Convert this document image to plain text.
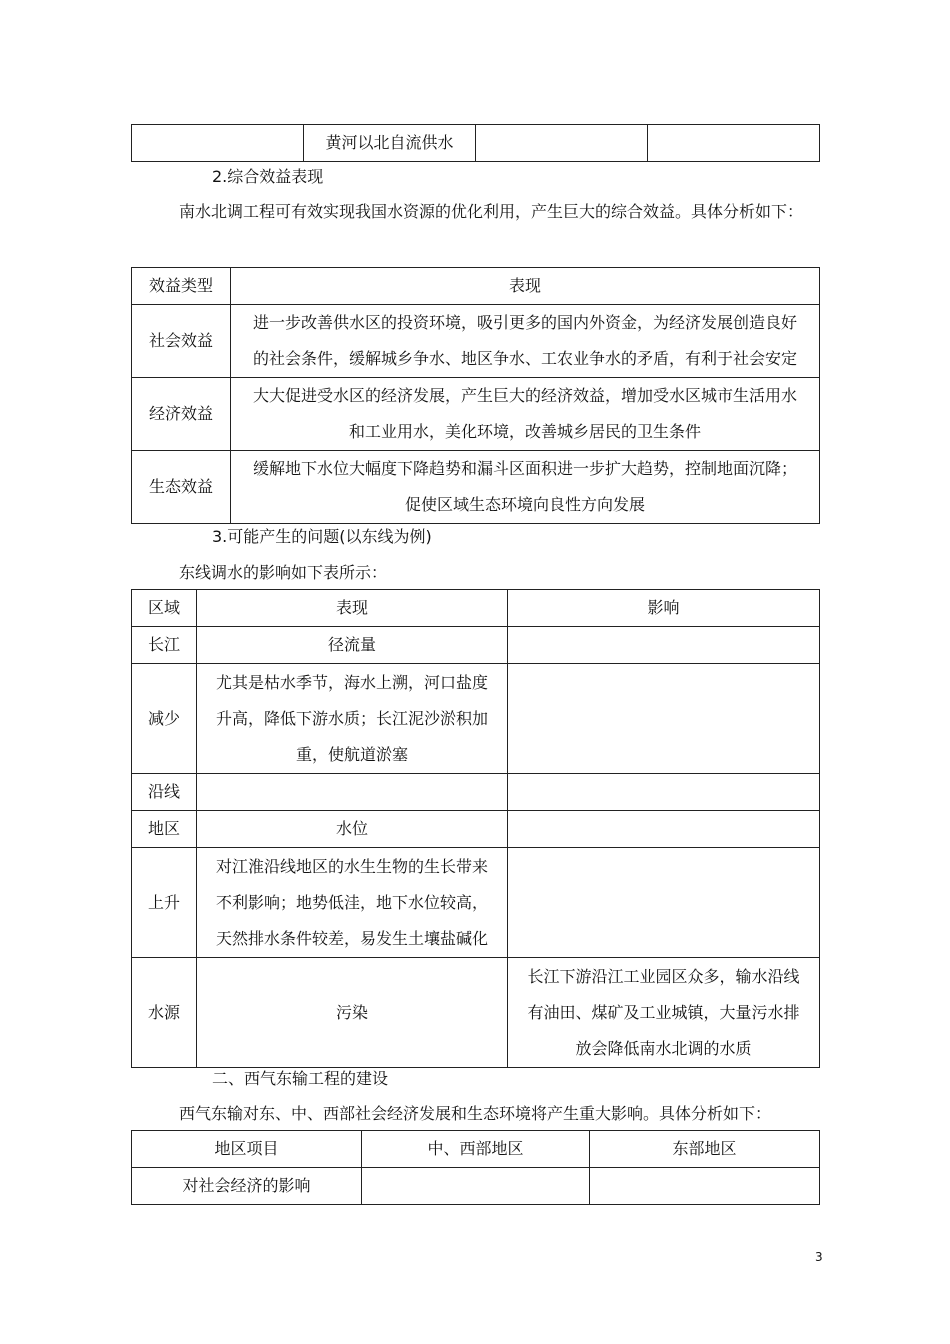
	黄河以北自流供水		
2.综合效益表现
南水北调工程可有效实现我国水资源的优化利用，产生巨大的综合效益。具体分析如下：
效益类型	表现
社会效益	进一步改善供水区的投资环境，吸引更多的国内外资金，为经济发展创造良好
的社会条件，缓解城乡争水、地区争水、工农业争水的矛盾，有利于社会安定

经济效益	大大促进受水区的经济发展，产生巨大的经济效益，增加受水区城市生活用水
和工业用水，美化环境，改善城乡居民的卫生条件

生态效益	缓解地下水位大幅度下降趋势和漏斗区面积进一步扩大趋势，控制地面沉降；
促使区域生态环境向良性方向发展
3.可能产生的问题(以东线为例)
东线调水的影响如下表所示：
区域	表现	影响
长江	径流量	

减少	尤其是枯水季节，海水上溯，河口盐度
升高，降低下游水质；长江泥沙淤积加
重，使航道淤塞	

沿线		
地区	水位	

上升	对江淮沿线地区的水生生物的生长带来
不利影响；地势低洼，地下水位较高，
天然排水条件较差，易发生土壤盐碱化	

水源	污染	长江下游沿江工业园区众多，输水沿线
有油田、煤矿及工业城镇，大量污水排
放会降低南水北调的水质
二、西气东输工程的建设
西气东输对东、中、西部社会经济发展和生态环境将产生重大影响。具体分析如下：
地区项目	中、西部地区	东部地区
对社会经济的影响		
3
